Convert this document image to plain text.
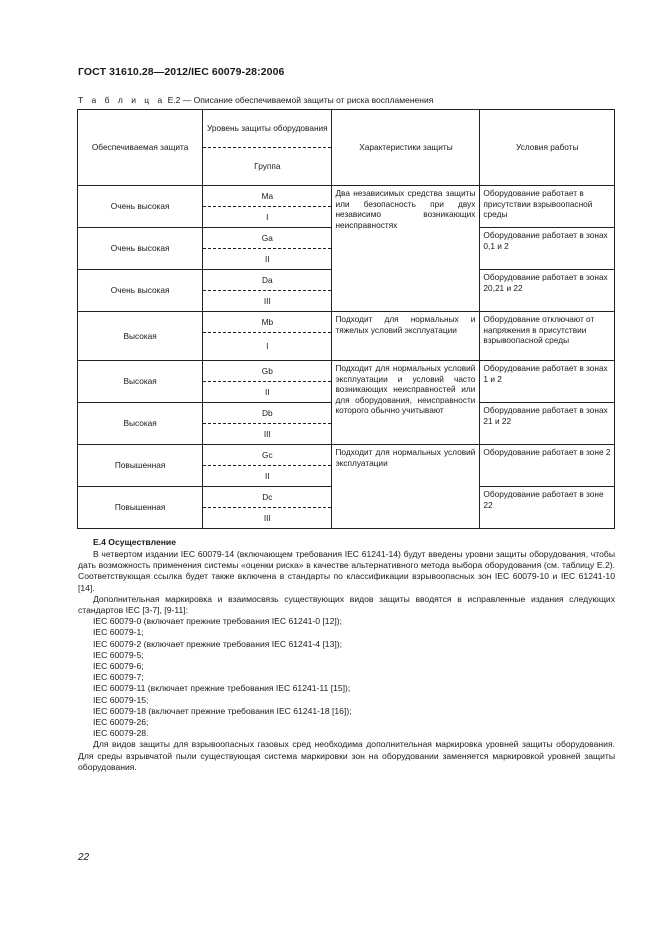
ГОСТ 31610.28—2012/IEC 60079-28:2006
Т а б л и ц а Е.2 — Описание обеспечиваемой защиты от риска воспламенения
Обеспечиваемая защита	Уровень защиты оборудования	Характеристики защиты	Условия работы
	Группа		
Очень высокая	Ma	Два независимых средства защиты или безопасность при двух независимо возникающих неисправностях	Оборудование работает в присутствии взрывоопасной среды
	I		
Очень высокая	Ga		Оборудование работает в зонах 0,1 и 2
	II		
Очень высокая	Da		Оборудование работает в зонах 20,21 и 22
	III		
Высокая	Mb	Подходит для нормальных и тяжелых условий эксплуатации	Оборудование отключают от напряжения в присутствии взрывоопасной среды
	I		
Высокая	Gb	Подходит для нормальных условий эксплуатации и условий часто возникающих неисправностей или для оборудования, неисправности которого обычно учитывают	Оборудование работает в зонах 1 и 2
	II		
Высокая	Db		Оборудование работает в зонах 21 и 22
	III		
Повышенная	Gc	Подходит для нормальных условий эксплуатации	Оборудование работает в зоне 2
	II		
Повышенная	Dc		Оборудование работает в зоне 22
	III		
Е.4 Осуществление

В четвертом издании IEC 60079-14 (включающем требования IEC 61241-14) будут введены уровни защиты оборудования, чтобы дать возможность применения системы «оценки риска» в качестве альтернативного метода выбора оборудования (см. таблицу Е.2). Соответствующая ссылка будет также включена в стандарты по классификации взрывоопасных зон IEC 60079-10 и IEC 61241-10 [14].

Дополнительная маркировка и взаимосвязь существующих видов защиты вводятся в исправленные издания следующих стандартов IEC [3-7], [9-11]:

IEC 60079-0 (включает прежние требования IEC 61241-0 [12]);

IEC 60079-1;

IEC 60079-2 (включает прежние требования IEC 61241-4 [13]);

IEC 60079-5;

IEC 60079-6;

IEC 60079-7;

IEC 60079-11 (включает прежние требования IEC 61241-11 [15]);

IEC 60079-15;

IEC 60079-18 (включает прежние требования IEC 61241-18 [16]);

IEC 60079-26;

IEC 60079-28.

Для видов защиты для взрывоопасных газовых сред необходима дополнительная маркировка уровней защиты оборудования. Для среды взрывчатой пыли существующая система маркировки зон на оборудовании заменяется маркировкой уровней защиты оборудования.

22
